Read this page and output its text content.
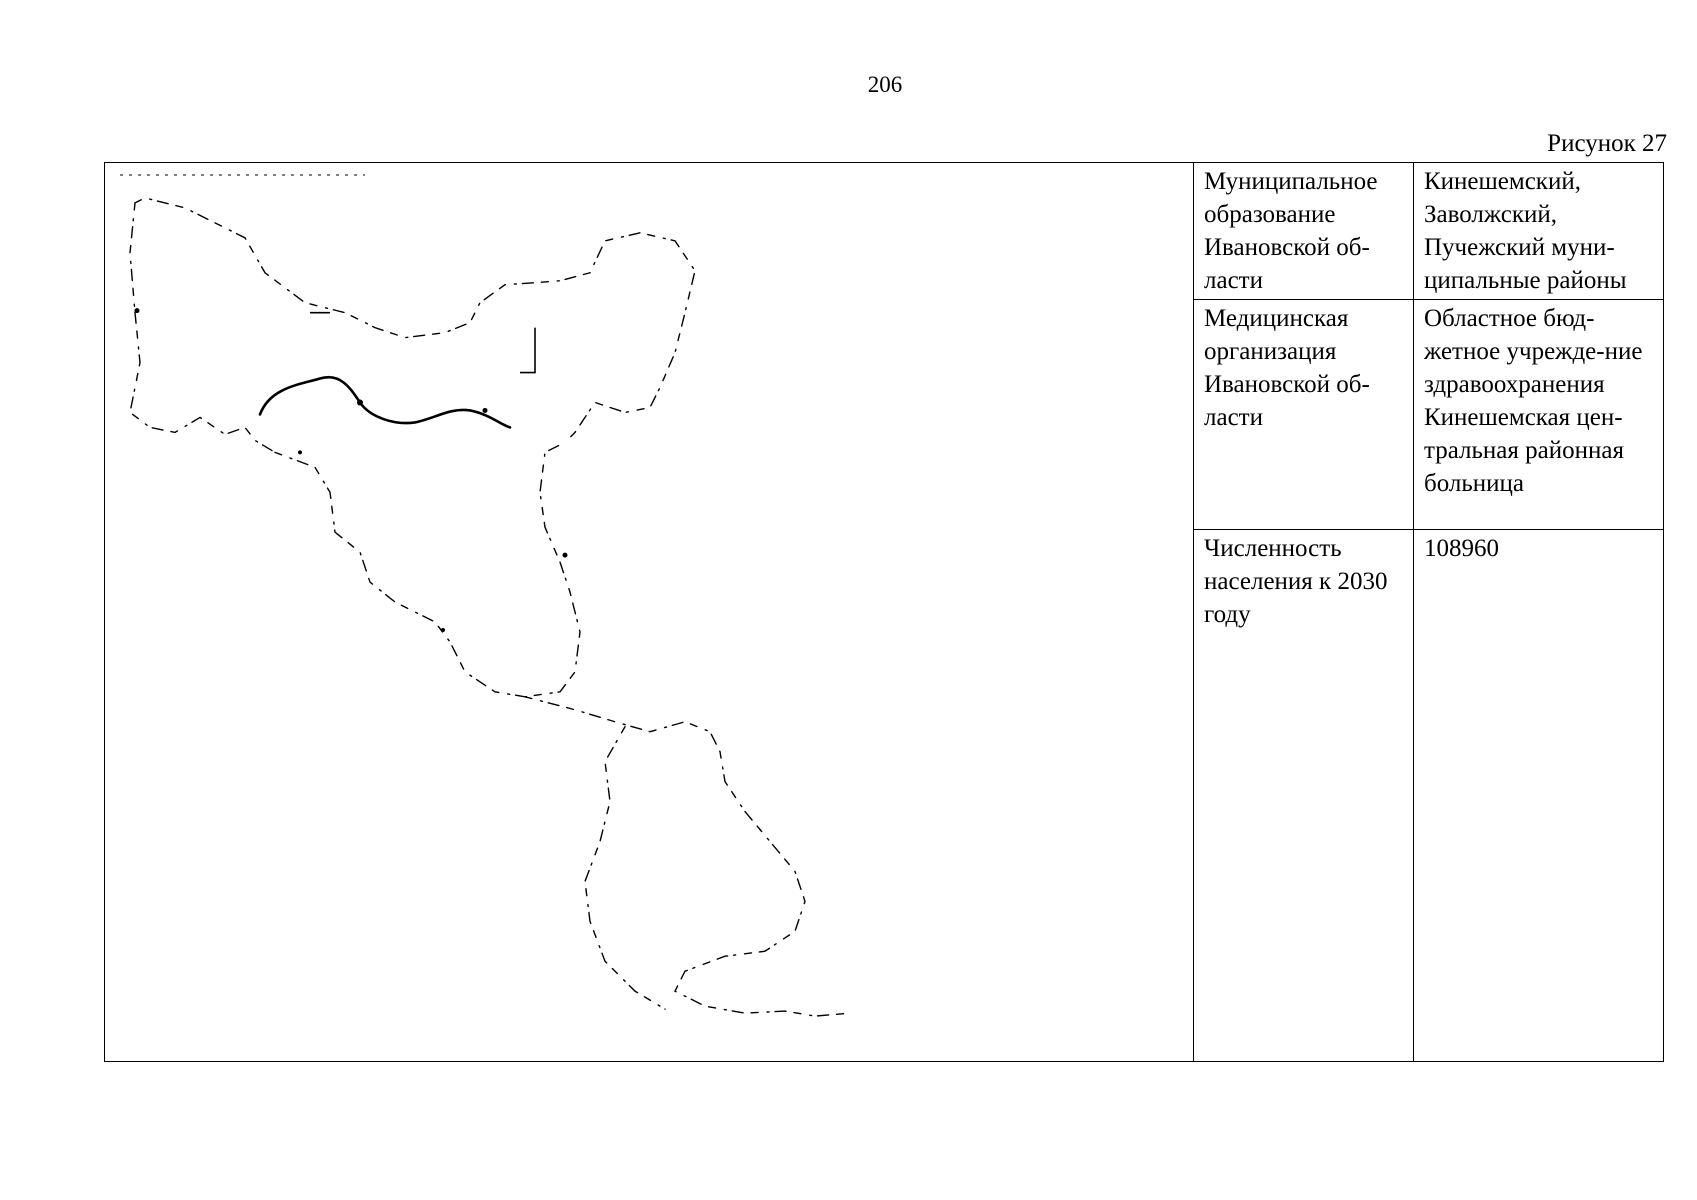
206
Рисунок 27
Муниципальное образование Ивановской об-ласти	Кинешемский, Заволжский, Пучежский муни-ципальные районы
Медицинская организация Ивановской об-ласти	Областное бюд-жетное учрежде-ние здравоохранения Кинешемская цен-тральная районная больница
Численность населения к 2030 году	108960
